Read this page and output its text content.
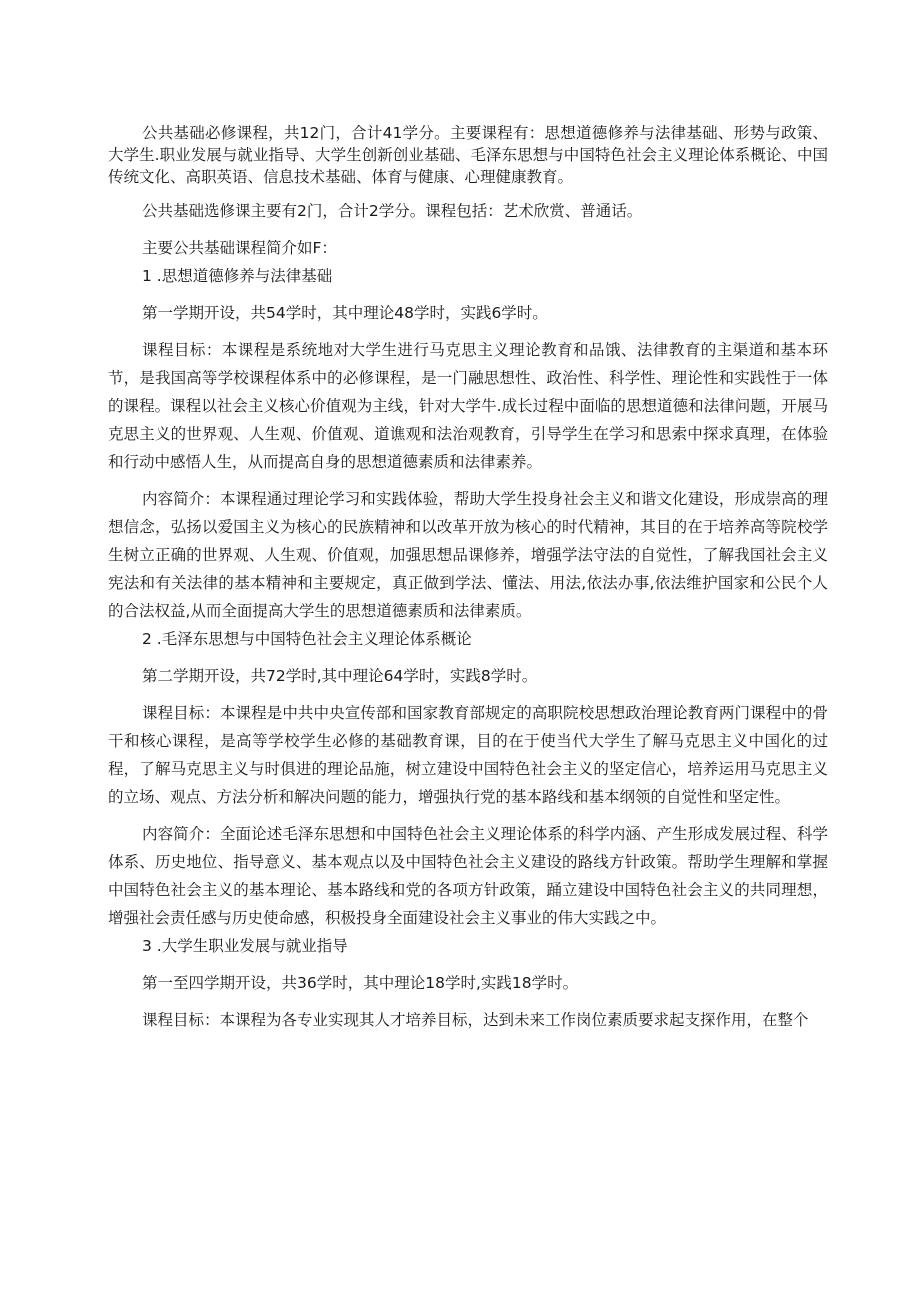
公共基础必修课程，共12门，合计41学分。主要课程有：思想道德修养与法律基础、形势与政策、大学生.职业发展与就业指导、大学生创新创业基础、毛泽东思想与中国特色社会主义理论体系概论、中国传统文化、高职英语、信息技术基础、体育与健康、心理健康教育。

公共基础选修课主要有2门，合计2学分。课程包括：艺术欣赏、普通话。

主要公共基础课程简介如F：

1 .思想道德修养与法律基础

第一学期开设，共54学时，其中理论48学时，实践6学时。

课程目标：本课程是系统地对大学生进行马克思主义理论教育和品饿、法律教育的主渠道和基本环节，是我国高等学校课程体系中的必修课程，是一门融思想性、政治性、科学性、理论性和实践性于一体的课程。课程以社会主义核心价值观为主线，针对大学牛.成长过程中面临的思想道德和法律问题，开展马克思主义的世界观、人生观、价值观、道谯观和法治观教育，引导学生在学习和思索中探求真理，在体验和行动中感悟人生，从而提高自身的思想道德素质和法律素养。

内容简介：本课程通过理论学习和实践体验，帮助大学生投身社会主义和谐文化建设，形成崇高的理想信念，弘扬以爱国主义为核心的民族精神和以改革开放为核心的时代精神，其目的在于培养高等院校学生树立正确的世界观、人生观、价值观，加强思想品课修养，增强学法守法的自觉性，了解我国社会主义宪法和有关法律的基本精神和主要规定，真正做到学法、懂法、用法,依法办事,依法维护国家和公民个人的合法权益,从而全面提高大学生的思想道德素质和法律素质。

2 .毛泽东思想与中国特色社会主义理论体系概论

第二学期开设，共72学时,其中理论64学时，实践8学时。

课程目标：本课程是中共中央宣传部和国家教育部规定的高职院校思想政治理论教育两门课程中的骨干和核心课程，是高等学校学生必修的基础教育课，目的在于使当代大学生了解马克思主义中国化的过程，了解马克思主义与时俱进的理论品施，树立建设中国特色社会主义的坚定信心，培养运用马克思主义的立场、观点、方法分析和解决问题的能力，增强执行党的基本路线和基本纲领的自觉性和坚定性。

内容简介：全面论述毛泽东思想和中国特色社会主义理论体系的科学内涵、产生形成发展过程、科学体系、历史地位、指导意义、基本观点以及中国特色社会主义建设的路线方针政策。帮助学生理解和掌握中国特色社会主义的基本理论、基本路线和党的各项方针政策，踊立建设中国特色社会主义的共同理想，增强社会责任感与历史使命感，积极投身全面建设社会主义事业的伟大实践之中。

3 .大学生职业发展与就业指导

第一至四学期开设，共36学时，其中理论18学时,实践18学时。

课程目标：本课程为各专业实现其人才培养目标，达到未来工作岗位素质要求起支探作用，在整个
